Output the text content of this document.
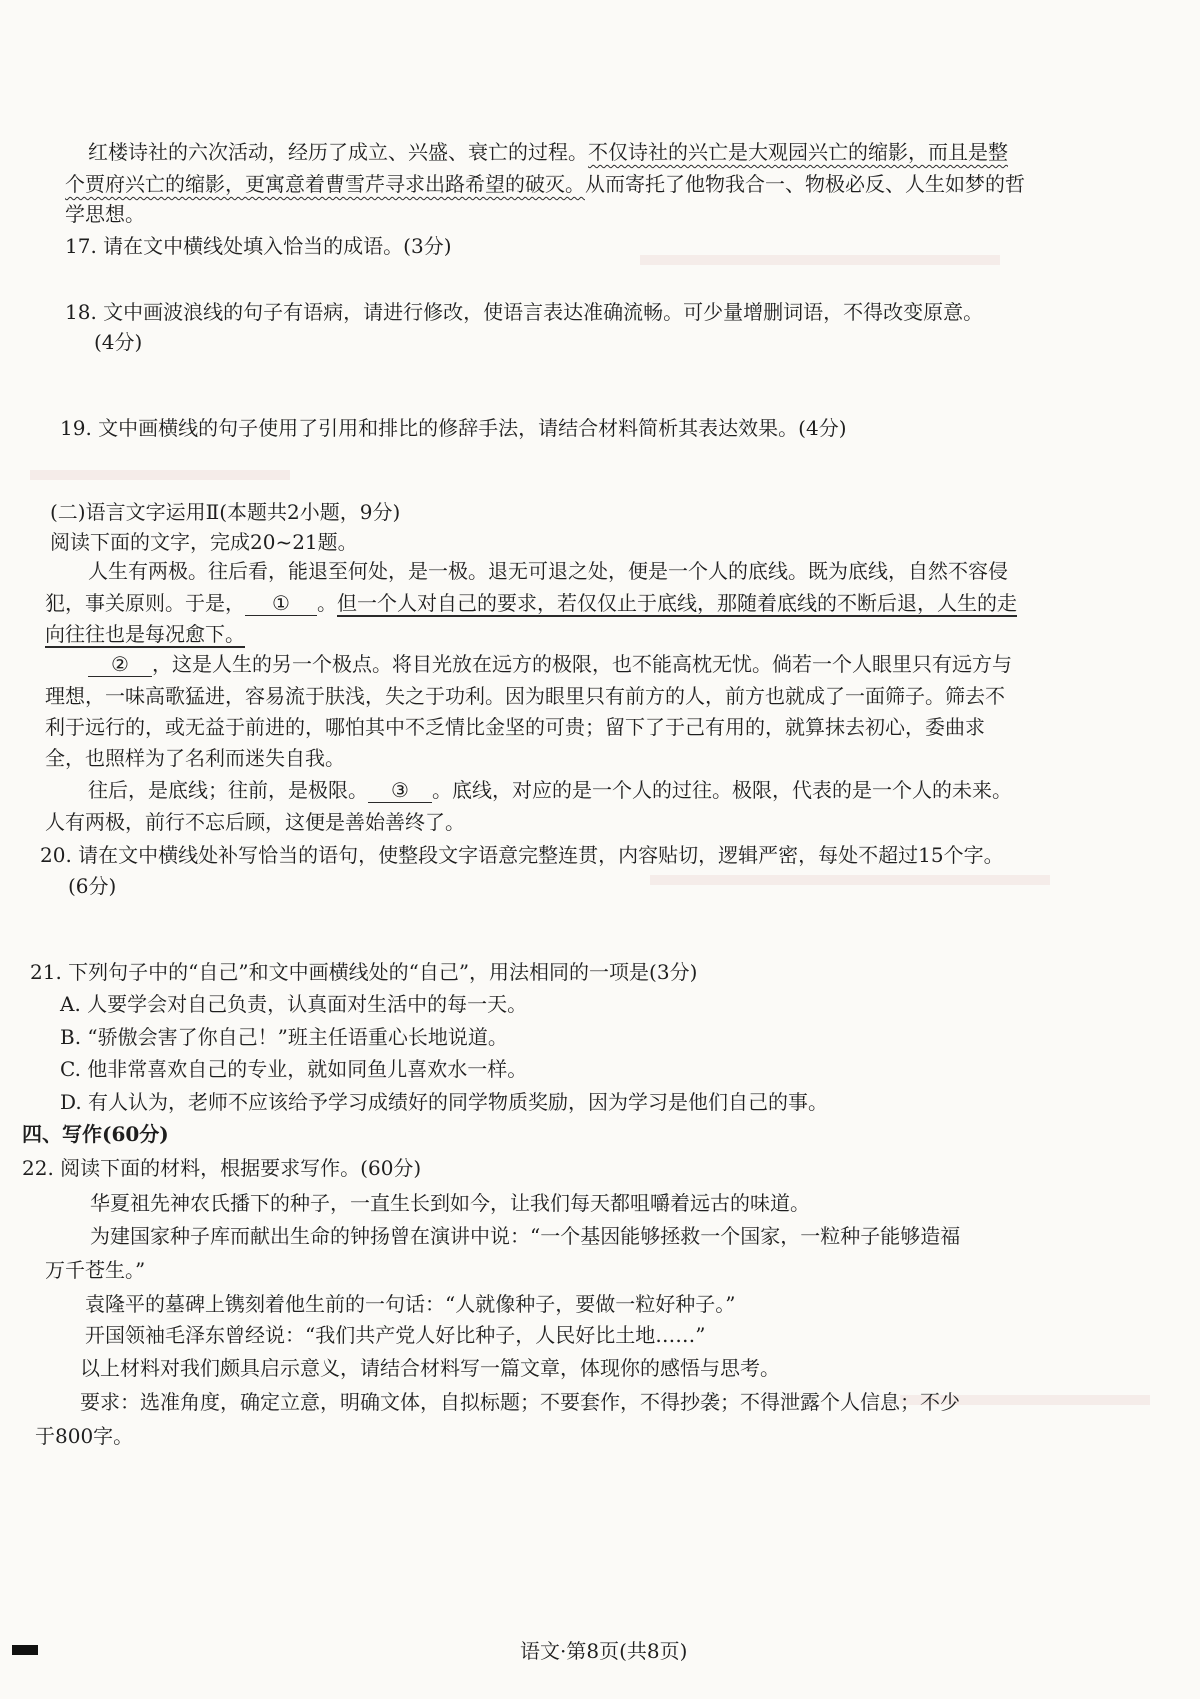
红楼诗社的六次活动，经历了成立、兴盛、衰亡的过程。不仅诗社的兴亡是大观园兴亡的缩影，而且是整
个贾府兴亡的缩影，更寓意着曹雪芹寻求出路希望的破灭。从而寄托了他物我合一、物极必反、人生如梦的哲
学思想。
17. 请在文中横线处填入恰当的成语。(3分)
18. 文中画波浪线的句子有语病，请进行修改，使语言表达准确流畅。可少量增删词语，不得改变原意。
(4分)
19. 文中画横线的句子使用了引用和排比的修辞手法，请结合材料简析其表达效果。(4分)
(二)语言文字运用Ⅱ(本题共2小题，9分)
阅读下面的文字，完成20~21题。
人生有两极。往后看，能退至何处，是一极。退无可退之处，便是一个人的底线。既为底线，自然不容侵
犯，事关原则。于是， ① 。但一个人对自己的要求，若仅仅止于底线，那随着底线的不断后退，人生的走
向往往也是每况愈下。
② ，这是人生的另一个极点。将目光放在远方的极限，也不能高枕无忧。倘若一个人眼里只有远方与
理想，一味高歌猛进，容易流于肤浅，失之于功利。因为眼里只有前方的人，前方也就成了一面筛子。筛去不
利于远行的，或无益于前进的，哪怕其中不乏情比金坚的可贵；留下了于己有用的，就算抹去初心，委曲求
全，也照样为了名利而迷失自我。
往后，是底线；往前，是极限。 ③ 。底线，对应的是一个人的过往。极限，代表的是一个人的未来。
人有两极，前行不忘后顾，这便是善始善终了。
20. 请在文中横线处补写恰当的语句，使整段文字语意完整连贯，内容贴切，逻辑严密，每处不超过15个字。
(6分)
21. 下列句子中的“自己”和文中画横线处的“自己”，用法相同的一项是(3分)
A. 人要学会对自己负责，认真面对生活中的每一天。
B. “骄傲会害了你自己！”班主任语重心长地说道。
C. 他非常喜欢自己的专业，就如同鱼儿喜欢水一样。
D. 有人认为，老师不应该给予学习成绩好的同学物质奖励，因为学习是他们自己的事。
四、写作(60分)
22. 阅读下面的材料，根据要求写作。(60分)
华夏祖先神农氏播下的种子，一直生长到如今，让我们每天都咀嚼着远古的味道。
为建国家种子库而献出生命的钟扬曾在演讲中说：“一个基因能够拯救一个国家，一粒种子能够造福
万千苍生。”
袁隆平的墓碑上镌刻着他生前的一句话：“人就像种子，要做一粒好种子。”
开国领袖毛泽东曾经说：“我们共产党人好比种子，人民好比土地……”
以上材料对我们颇具启示意义，请结合材料写一篇文章，体现你的感悟与思考。
要求：选准角度，确定立意，明确文体，自拟标题；不要套作，不得抄袭；不得泄露个人信息；不少
于800字。
语文·第8页(共8页)
